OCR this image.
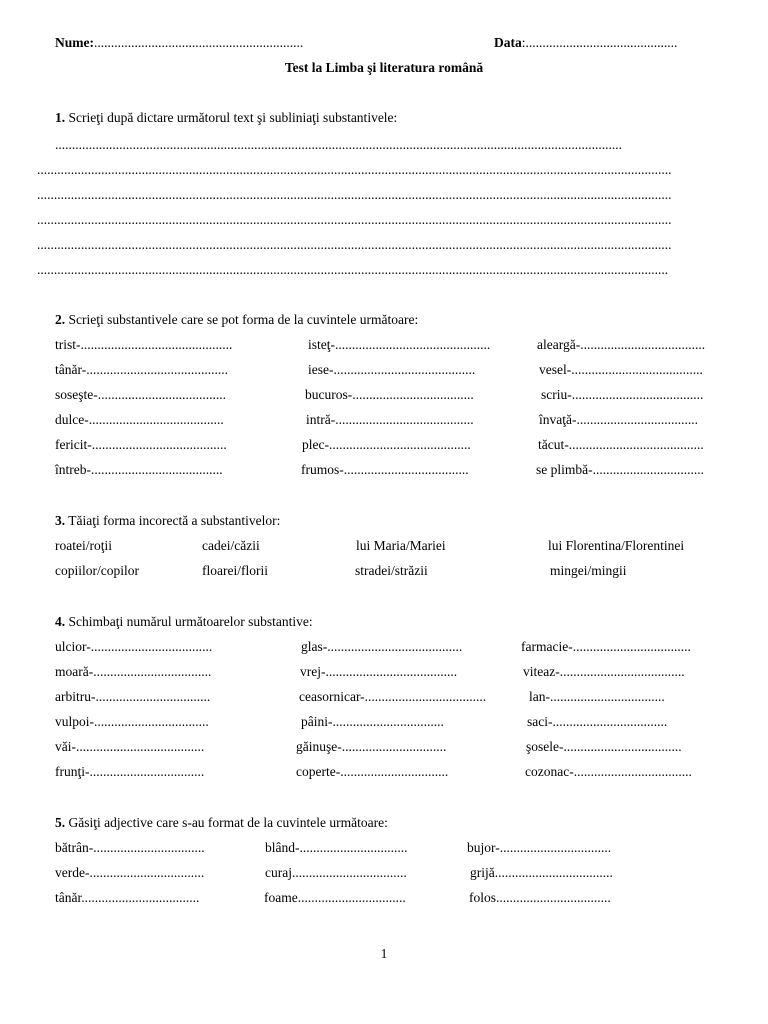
Nume:..............................................................	Data:.............................................
Test la Limba şi literatura română
1. Scrieţi după dictare următorul text şi subliniaţi substantivele:
........................................................................................................................................................................
............................................................................................................................................................................................
............................................................................................................................................................................................
............................................................................................................................................................................................
............................................................................................................................................................................................
...........................................................................................................................................................................................
2. Scrieţi substantivele care se pot forma de la cuvintele următoare:
trist-.............................................	isteţ-..............................................	aleargă-.....................................
tânăr-..........................................	iese-..........................................	vesel-.......................................
soseşte-......................................	bucuros-....................................	scriu-.......................................
dulce-........................................	intră-.........................................	învaţă-....................................
fericit-........................................	plec-..........................................	tăcut-........................................
întreb-.......................................	frumos-.....................................	se plimbă-.................................
3. Tăiaţi forma incorectă a substantivelor:
roatei/roţii	cadei/căzii	lui Maria/Mariei	lui Florentina/Florentinei
copiilor/copilor	floarei/florii	stradei/străzii	mingei/mingii
4. Schimbaţi numărul următoarelor substantive:
ulcior-....................................	glas-........................................	farmacie-...................................
moară-...................................	vrej-.......................................	viteaz-.....................................
arbitru-..................................	ceasornicar-....................................	lan-..................................
vulpoi-..................................	pâini-.................................	saci-..................................
văi-......................................	găinuşe-...............................	şosele-...................................
frunţi-..................................	coperte-................................	cozonac-...................................
5. Găsiţi adjective care s-au format de la cuvintele următoare:
bătrân-.................................	blând-................................	bujor-.................................
verde-..................................	curaj..................................	grijă...................................
tânăr...................................	foame................................	folos..................................
1
